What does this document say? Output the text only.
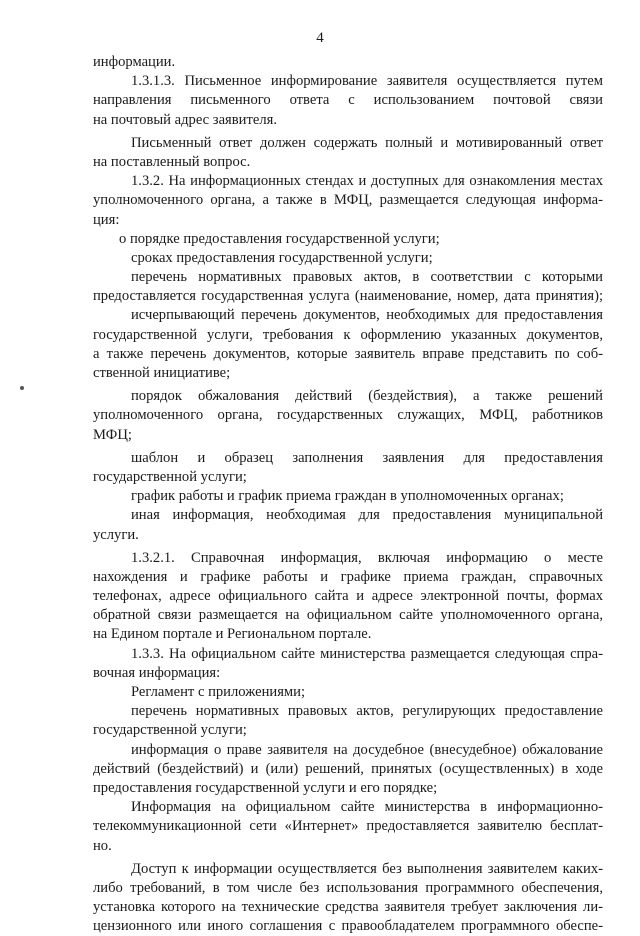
4
информации.
1.3.1.3. Письменное информирование заявителя осуществляется путем
направления письменного ответа с использованием почтовой связи
на почтовый адрес заявителя.
Письменный ответ должен содержать полный и мотивированный ответ
на поставленный вопрос.
1.3.2. На информационных стендах и доступных для ознакомления местах
уполномоченного органа, а также в МФЦ, размещается следующая информа-
ция:
о порядке предоставления государственной услуги;
сроках предоставления государственной услуги;
перечень нормативных правовых актов, в соответствии с которыми
предоставляется государственная услуга (наименование, номер, дата принятия);
исчерпывающий перечень документов, необходимых для предоставления
государственной услуги, требования к оформлению указанных документов,
а также перечень документов, которые заявитель вправе представить по соб-
ственной инициативе;
порядок обжалования действий (бездействия), а также решений
уполномоченного органа, государственных служащих, МФЦ, работников
МФЦ;
шаблон и образец заполнения заявления для предоставления
государственной услуги;
график работы и график приема граждан в уполномоченных органах;
иная информация, необходимая для предоставления муниципальной
услуги.
1.3.2.1. Справочная информация, включая информацию о месте
нахождения и графике работы и графике приема граждан, справочных
телефонах, адресе официального сайта и адресе электронной почты, формах
обратной связи размещается на официальном сайте уполномоченного органа,
на Едином портале и Региональном портале.
1.3.3. На официальном сайте министерства размещается следующая спра-
вочная информация:
Регламент с приложениями;
перечень нормативных правовых актов, регулирующих предоставление
государственной услуги;
информация о праве заявителя на досудебное (внесудебное) обжалование
действий (бездействий) и (или) решений, принятых (осуществленных) в ходе
предоставления государственной услуги и его порядке;
Информация на официальном сайте министерства в информационно-
телекоммуникационной сети «Интернет» предоставляется заявителю бесплат-
но.
Доступ к информации осуществляется без выполнения заявителем каких-
либо требований, в том числе без использования программного обеспечения,
установка которого на технические средства заявителя требует заключения ли-
цензионного или иного соглашения с правообладателем программного обеспе-
